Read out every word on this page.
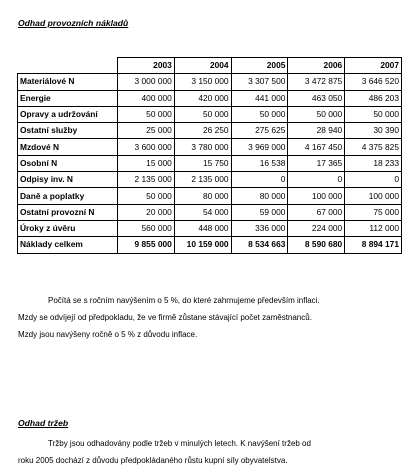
Odhad provozních nákladů
	2003	2004	2005	2006	2007
Materiálové N	3 000 000	3 150 000	3 307 500	3 472 875	3 646 520
Energie	400 000	420 000	441 000	463 050	486 203
Opravy a udržování	50 000	50 000	50 000	50 000	50 000
Ostatní služby	25 000	26 250	275 625	28 940	30 390
Mzdové N	3 600 000	3 780 000	3 969 000	4 167 450	4 375 825
Osobní N	15 000	15 750	16 538	17 365	18 233
Odpisy inv. N	2 135 000	2 135 000	0	0	0
Daně a poplatky	50 000	80 000	80 000	100 000	100 000
Ostatní provozní N	20 000	54 000	59 000	67 000	75 000
Úroky z úvěru	560 000	448 000	336 000	224 000	112 000
Náklady celkem	9 855 000	10 159 000	8 534 663	8 590 680	8 894 171
Počítá se s ročním navýšením o 5 %, do které zahrnujeme především inflaci.
Mzdy se odvíjejí od předpokladu, že ve firmě zůstane stávající počet zaměstnanců.
Mzdy jsou navýšeny ročně o 5 % z důvodu inflace.
Odhad tržeb
Tržby jsou odhadovány podle tržeb v minulých letech. K navýšení tržeb od
roku 2005 dochází z důvodu předpokládaného růstu kupní síly obyvatelstva.
